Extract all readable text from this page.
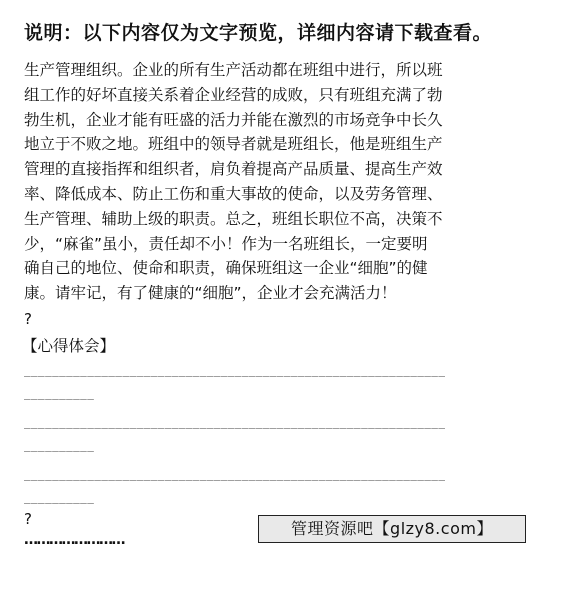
说明：以下内容仅为文字预览，详细内容请下载查看。
生产管理组织。企业的所有生产活动都在班组中进行，所以班
组工作的好坏直接关系着企业经营的成败，只有班组充满了勃
勃生机，企业才能有旺盛的活力并能在激烈的市场竞争中长久
地立于不败之地。班组中的领导者就是班组长，他是班组生产
管理的直接指挥和组织者，肩负着提高产品质量、提高生产效
率、降低成本、防止工伤和重大事故的使命，以及劳务管理、
生产管理、辅助上级的职责。总之，班组长职位不高，决策不
少，“麻雀”虽小，责任却不小！作为一名班组长，一定要明
确自己的地位、使命和职责，确保班组这一企业“细胞”的健
康。请牢记，有了健康的“细胞”，企业才会充满活力！
?
【心得体会】
____________________________________________________________
__________
____________________________________________________________
__________
____________________________________________________________
__________
?
……………………
管理资源吧【glzy8.com】
